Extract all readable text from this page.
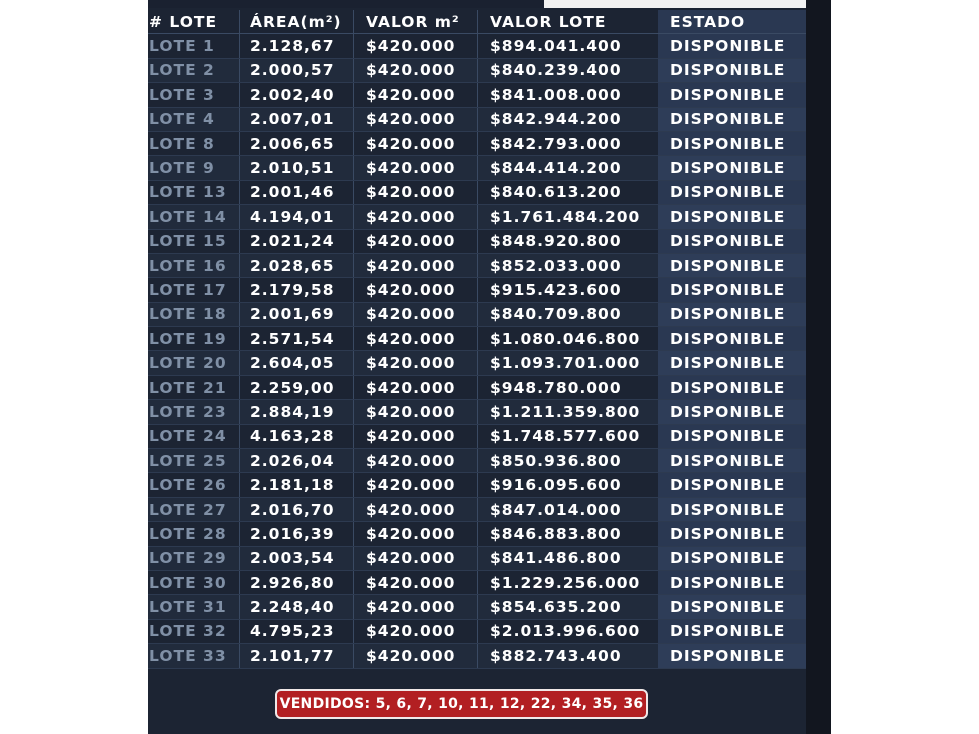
# LOTE	ÁREA(m²)	VALOR m²	VALOR LOTE	ESTADO
LOTE 1	2.128,67	$420.000	$894.041.400	DISPONIBLE
LOTE 2	2.000,57	$420.000	$840.239.400	DISPONIBLE
LOTE 3	2.002,40	$420.000	$841.008.000	DISPONIBLE
LOTE 4	2.007,01	$420.000	$842.944.200	DISPONIBLE
LOTE 8	2.006,65	$420.000	$842.793.000	DISPONIBLE
LOTE 9	2.010,51	$420.000	$844.414.200	DISPONIBLE
LOTE 13	2.001,46	$420.000	$840.613.200	DISPONIBLE
LOTE 14	4.194,01	$420.000	$1.761.484.200	DISPONIBLE
LOTE 15	2.021,24	$420.000	$848.920.800	DISPONIBLE
LOTE 16	2.028,65	$420.000	$852.033.000	DISPONIBLE
LOTE 17	2.179,58	$420.000	$915.423.600	DISPONIBLE
LOTE 18	2.001,69	$420.000	$840.709.800	DISPONIBLE
LOTE 19	2.571,54	$420.000	$1.080.046.800	DISPONIBLE
LOTE 20	2.604,05	$420.000	$1.093.701.000	DISPONIBLE
LOTE 21	2.259,00	$420.000	$948.780.000	DISPONIBLE
LOTE 23	2.884,19	$420.000	$1.211.359.800	DISPONIBLE
LOTE 24	4.163,28	$420.000	$1.748.577.600	DISPONIBLE
LOTE 25	2.026,04	$420.000	$850.936.800	DISPONIBLE
LOTE 26	2.181,18	$420.000	$916.095.600	DISPONIBLE
LOTE 27	2.016,70	$420.000	$847.014.000	DISPONIBLE
LOTE 28	2.016,39	$420.000	$846.883.800	DISPONIBLE
LOTE 29	2.003,54	$420.000	$841.486.800	DISPONIBLE
LOTE 30	2.926,80	$420.000	$1.229.256.000	DISPONIBLE
LOTE 31	2.248,40	$420.000	$854.635.200	DISPONIBLE
LOTE 32	4.795,23	$420.000	$2.013.996.600	DISPONIBLE
LOTE 33	2.101,77	$420.000	$882.743.400	DISPONIBLE
VENDIDOS: 5, 6, 7, 10, 11, 12, 22, 34, 35, 36
